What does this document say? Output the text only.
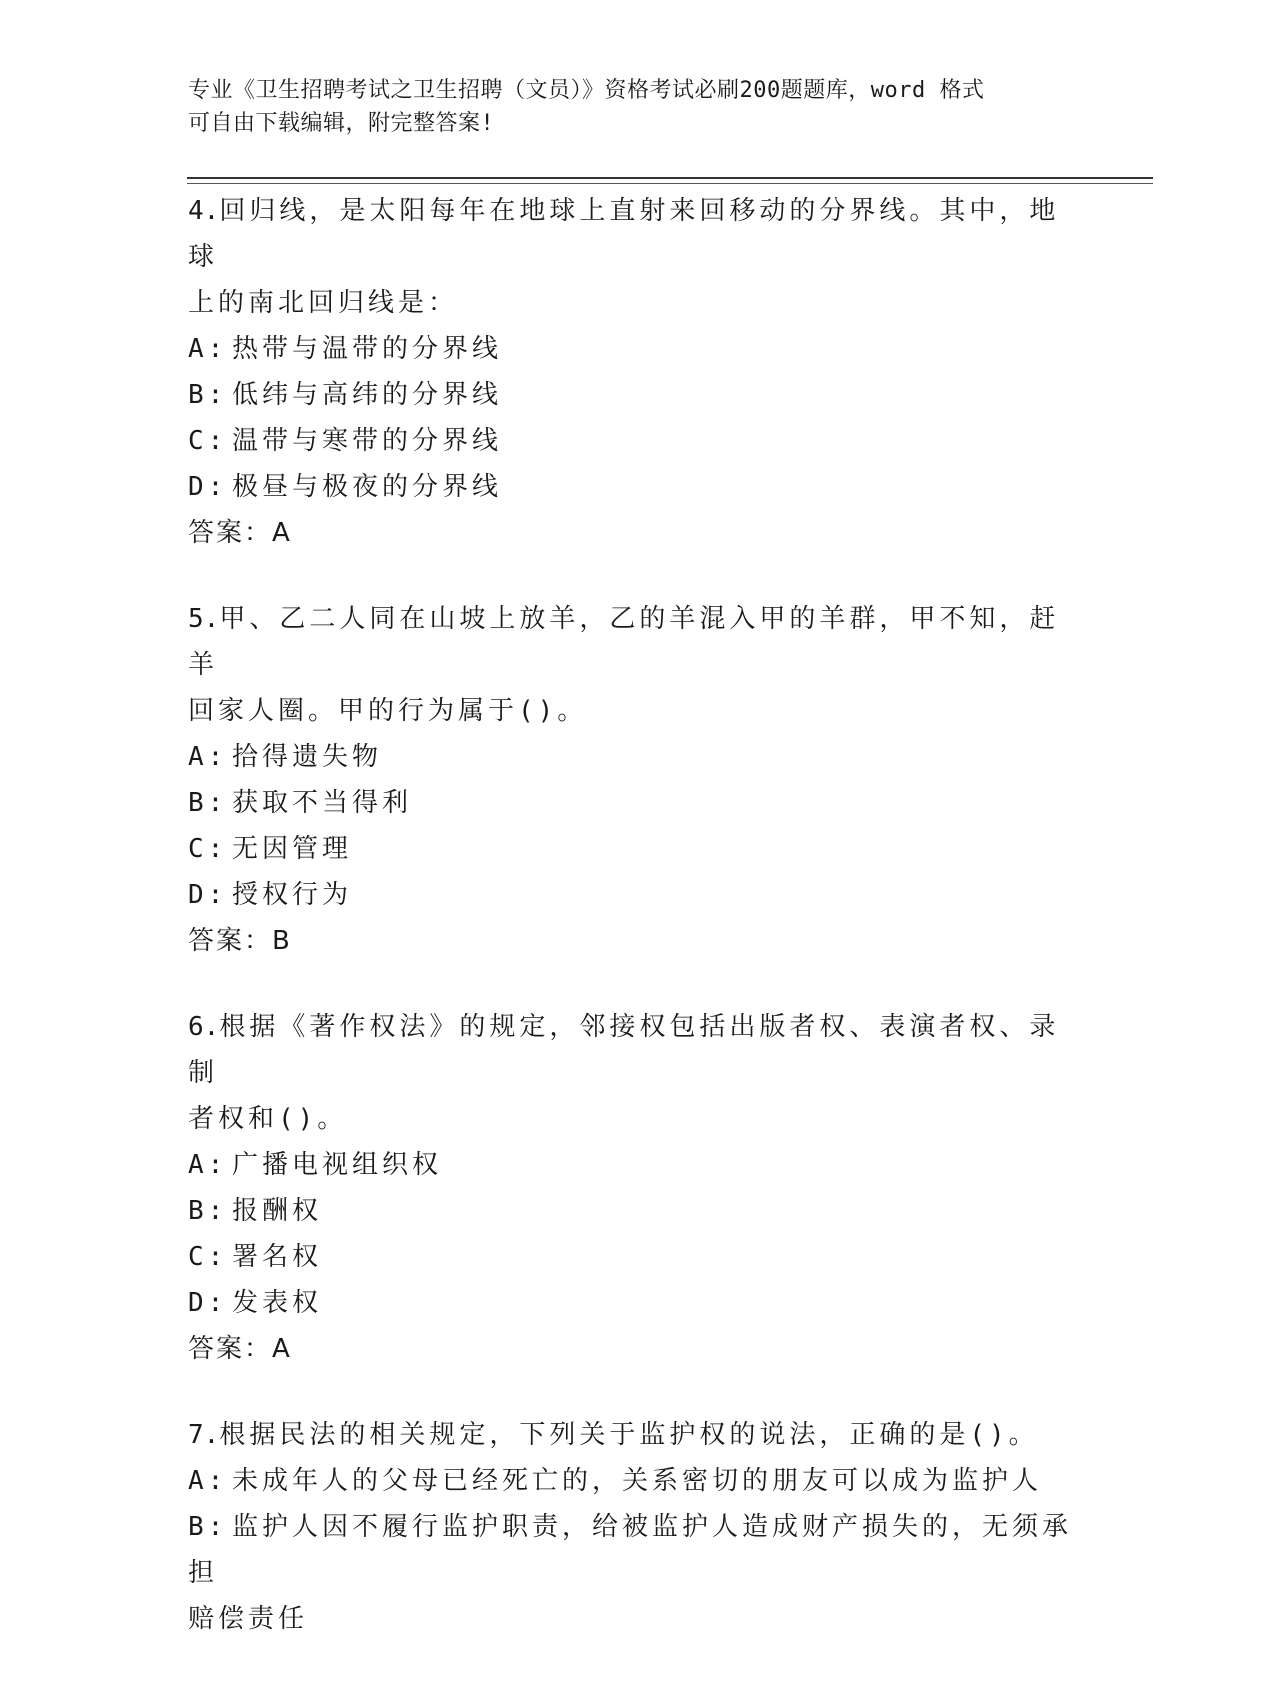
专业《卫生招聘考试之卫生招聘（文员）》资格考试必刷200题题库，word 格式
可自由下载编辑，附完整答案!

4.回归线，是太阳每年在地球上直射来回移动的分界线。其中，地球

上的南北回归线是：

A: 热带与温带的分界线

B: 低纬与高纬的分界线

C: 温带与寒带的分界线

D: 极昼与极夜的分界线

答案：A

5.甲、乙二人同在山坡上放羊，乙的羊混入甲的羊群，甲不知，赶羊

回家人圈。甲的行为属于()。

A: 拾得遗失物

B: 获取不当得利

C: 无因管理

D: 授权行为

答案：B

6.根据《著作权法》的规定，邻接权包括出版者权、表演者权、录制

者权和()。

A: 广播电视组织权

B: 报酬权

C: 署名权

D: 发表权

答案：A

7.根据民法的相关规定，下列关于监护权的说法，正确的是()。

A: 未成年人的父母已经死亡的，关系密切的朋友可以成为监护人

B: 监护人因不履行监护职责，给被监护人造成财产损失的，无须承担

赔偿责任
